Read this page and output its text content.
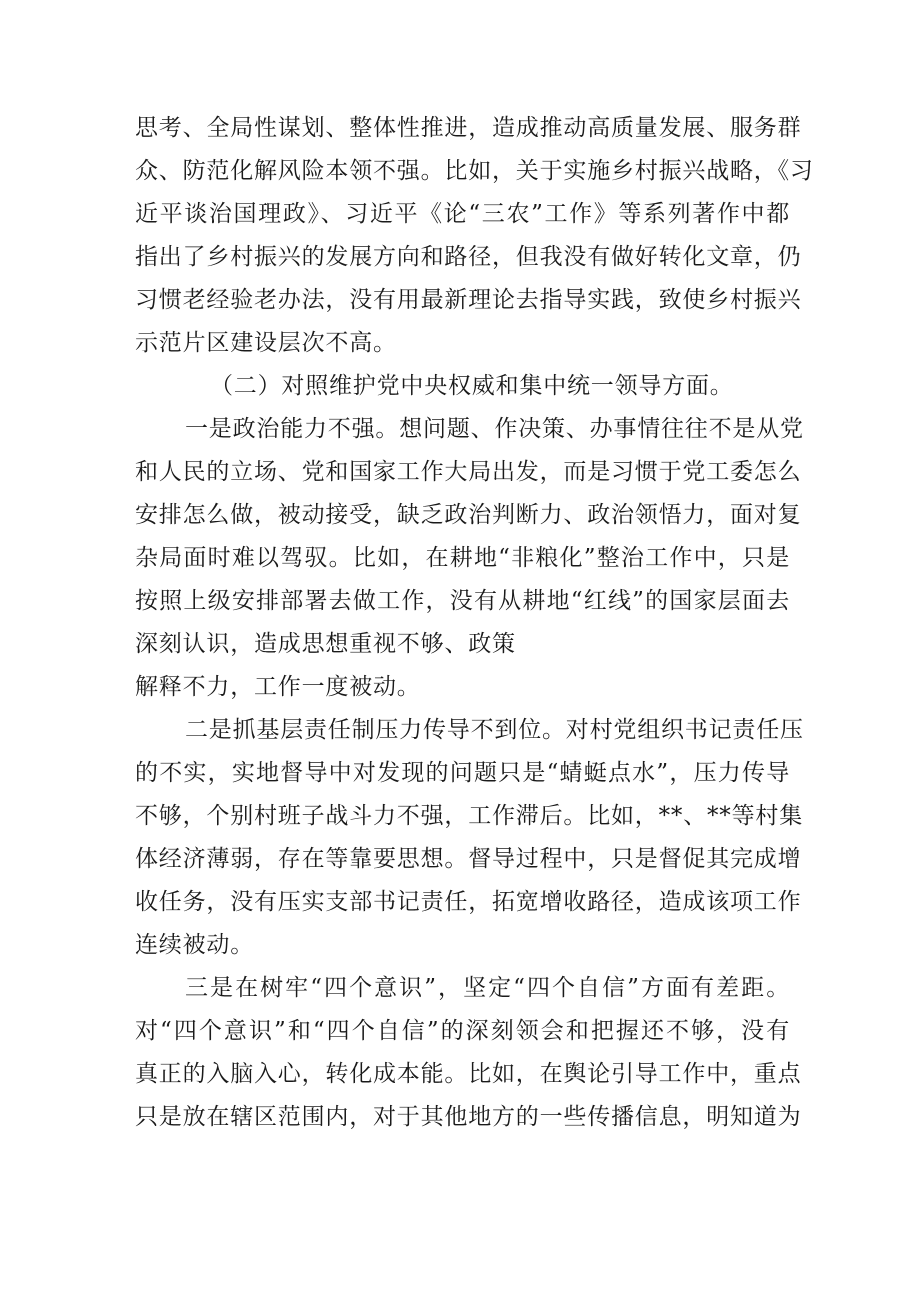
思考、全局性谋划、整体性推进，造成推动高质量发展、服务群
众、防范化解风险本领不强。比如，关于实施乡村振兴战略，《习
近平谈治国理政》、习近平《论“三农”工作》等系列著作中都
指出了乡村振兴的发展方向和路径，但我没有做好转化文章，仍
习惯老经验老办法，没有用最新理论去指导实践，致使乡村振兴
示范片区建设层次不高。
（二）对照维护党中央权威和集中统一领导方面。
一是政治能力不强。想问题、作决策、办事情往往不是从党
和人民的立场、党和国家工作大局出发，而是习惯于党工委怎么
安排怎么做，被动接受，缺乏政治判断力、政治领悟力，面对复
杂局面时难以驾驭。比如，在耕地“非粮化”整治工作中，只是
按照上级安排部署去做工作，没有从耕地“红线”的国家层面去
深刻认识，造成思想重视不够、政策
解释不力，工作一度被动。
二是抓基层责任制压力传导不到位。对村党组织书记责任压
的不实，实地督导中对发现的问题只是“蜻蜓点水”，压力传导
不够，个别村班子战斗力不强，工作滞后。比如，**、**等村集
体经济薄弱，存在等靠要思想。督导过程中，只是督促其完成增
收任务，没有压实支部书记责任，拓宽增收路径，造成该项工作
连续被动。
三是在树牢“四个意识”，坚定“四个自信”方面有差距。
对“四个意识”和“四个自信”的深刻领会和把握还不够，没有
真正的入脑入心，转化成本能。比如，在舆论引导工作中，重点
只是放在辖区范围内，对于其他地方的一些传播信息，明知道为
